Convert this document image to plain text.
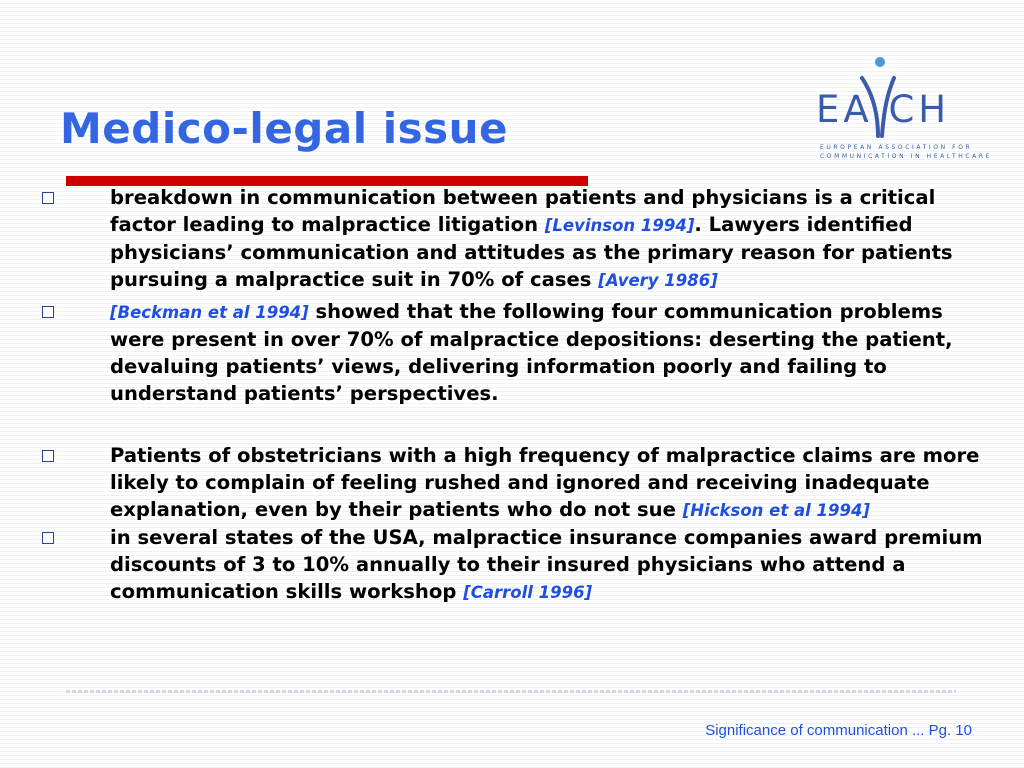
Medico-legal issue	EA CH
EUROPEAN ASSOCIATION FOR
COMMUNICATION IN HEALTHCARE
breakdown in communication between patients and physicians is a critical factor leading to malpractice litigation [Levinson 1994]. Lawyers identified physicians’ communication and attitudes as the primary reason for patients pursuing a malpractice suit in 70% of cases [Avery 1986]
[Beckman et al 1994] showed that the following four communication problems were present in over 70% of malpractice depositions: deserting the patient, devaluing patients’ views, delivering information poorly and failing to understand patients’ perspectives.
Patients of obstetricians with a high frequency of malpractice claims are more likely to complain of feeling rushed and ignored and receiving inadequate explanation, even by their patients who do not sue [Hickson et al 1994]
in several states of the USA, malpractice insurance companies award premium discounts of 3 to 10% annually to their insured physicians who attend a communication skills workshop [Carroll 1996]
Significance of communication ... Pg. 10
